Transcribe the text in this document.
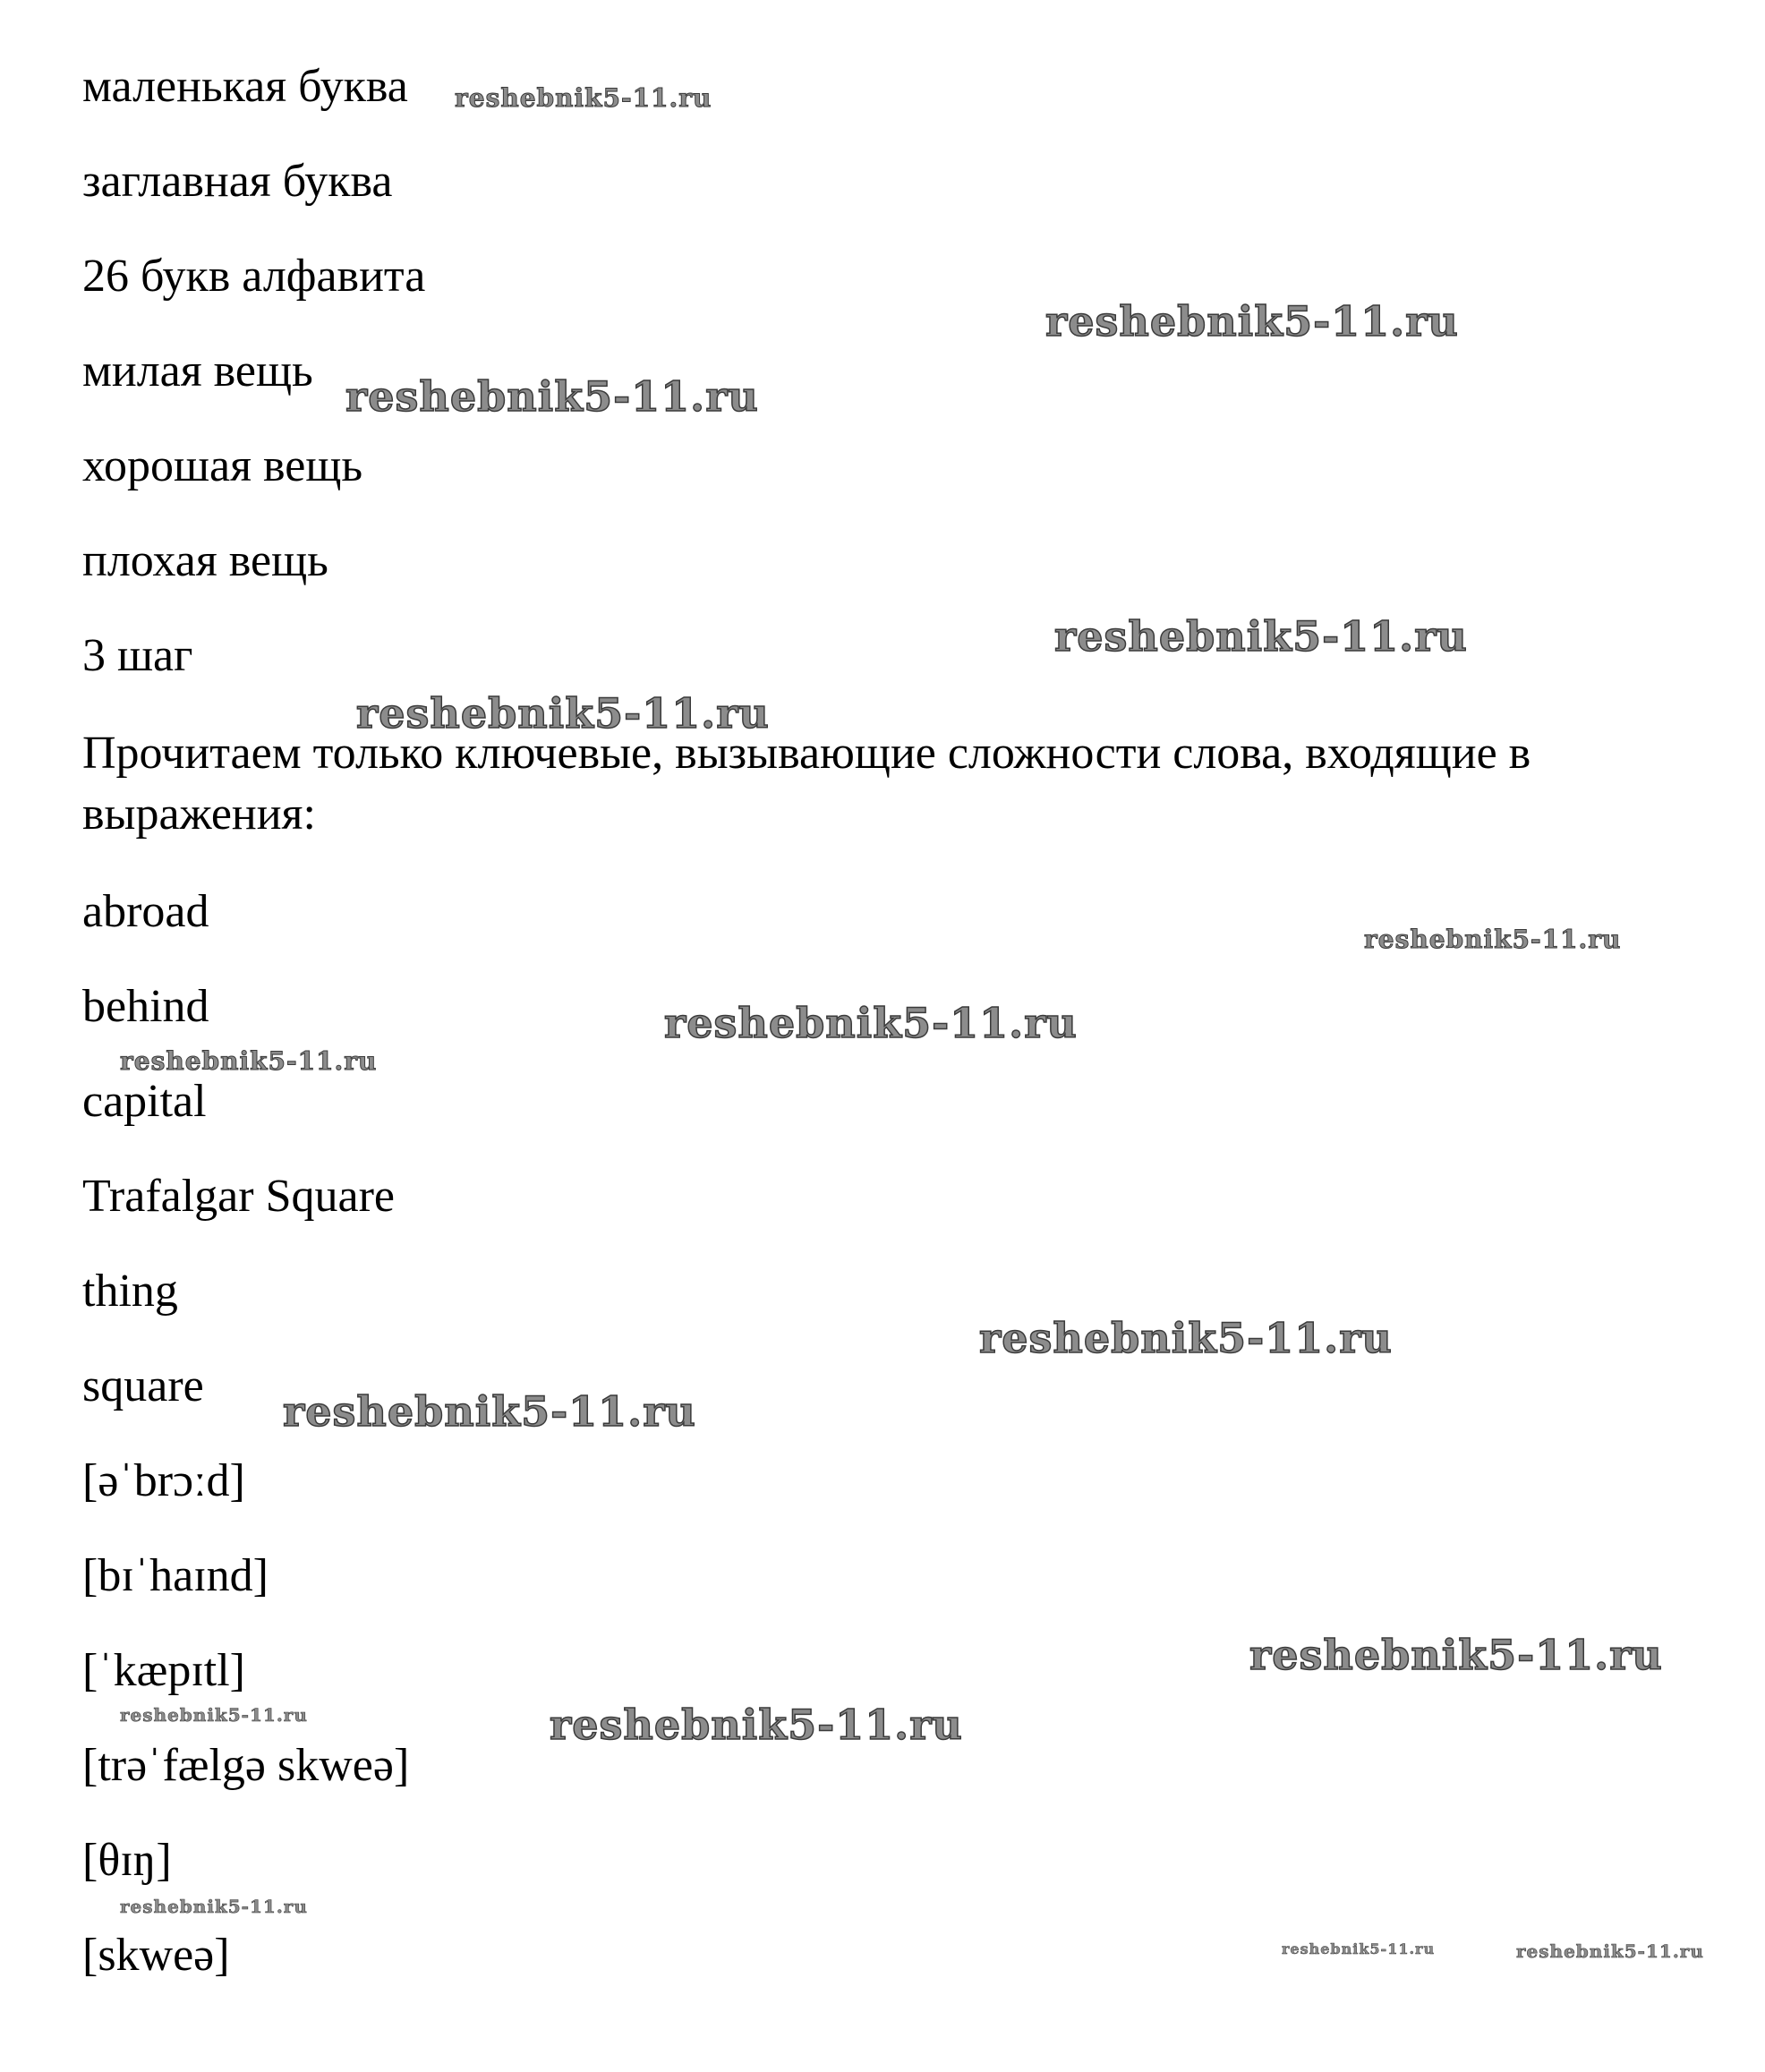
маленькая буква

заглавная буква

26 букв алфавита

милая вещь

хорошая вещь

плохая вещь

3 шаг

Прочитаем только ключевые, вызывающие сложности слова, входящие в выражения:

abroad

behind

capital

Trafalgar Square

thing

square

[əˈbrɔːd]

[bɪˈhaɪnd]

[ˈkæpɪtl]

[trəˈfælgə skweə]

[θɪŋ]

[skweə]

reshebnik5-11.ru
reshebnik5-11.ru
reshebnik5-11.ru
reshebnik5-11.ru
reshebnik5-11.ru
reshebnik5-11.ru
reshebnik5-11.ru
reshebnik5-11.ru
reshebnik5-11.ru
reshebnik5-11.ru
reshebnik5-11.ru
reshebnik5-11.ru	reshebnik5-11.ru
reshebnik5-11.ru
reshebnik5-11.ru	reshebnik5-11.ru
